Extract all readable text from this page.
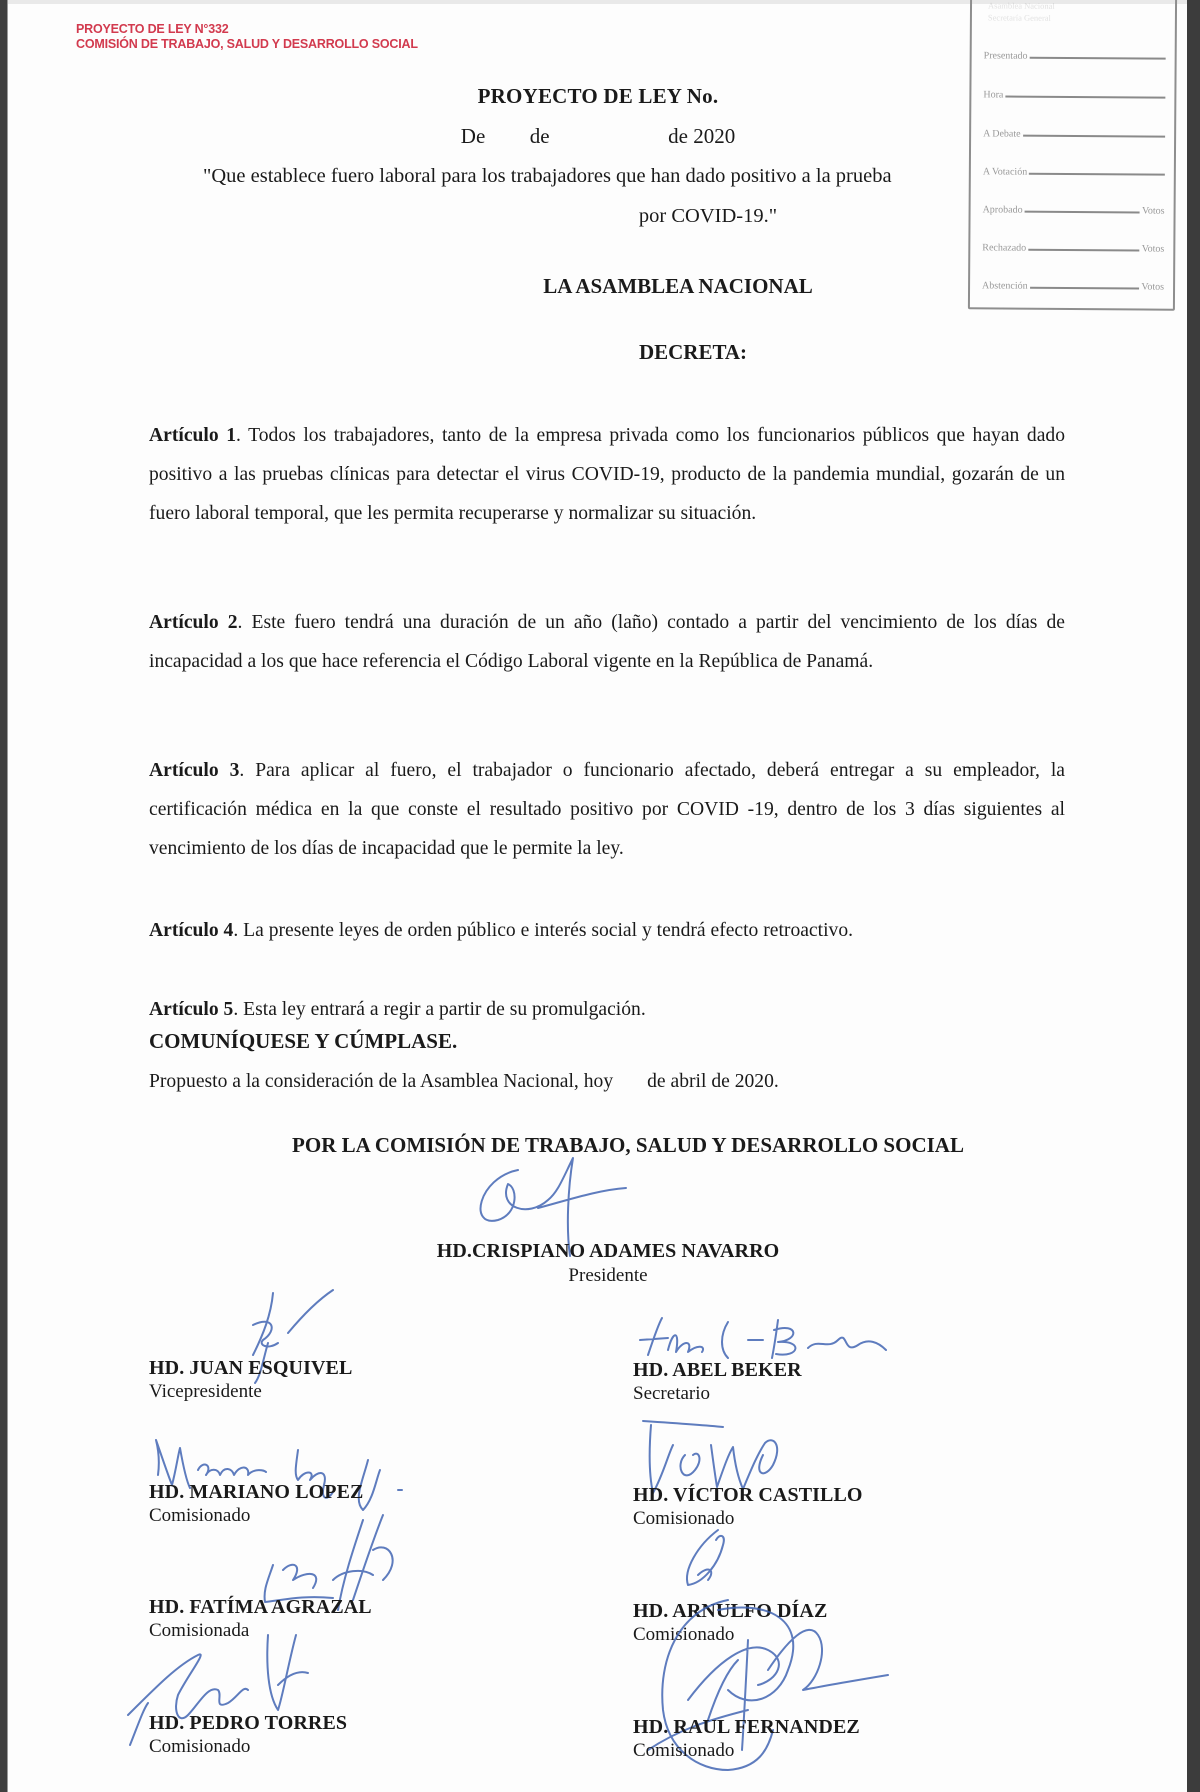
PROYECTO DE LEY N°332
COMISIÓN DE TRABAJO, SALUD Y DESARROLLO SOCIAL
Asamblea Nacional
Secretaría General
Presentado
Hora
A Debate
A Votación
Aprobado	Votos
Rechazado	Votos
Abstención	Votos
PROYECTO DE LEY No.
De de	de 2020
"Que establece fuero laboral para los trabajadores que han dado positivo a la prueba
por COVID-19."
LA ASAMBLEA NACIONAL
DECRETA:
Artículo 1. Todos los trabajadores, tanto de la empresa privada como los funcionarios públicos que hayan dado positivo a las pruebas clínicas para detectar el virus COVID-19, producto de la pandemia mundial, gozarán de un fuero laboral temporal, que les permita recuperarse y normalizar su situación.
Artículo 2. Este fuero tendrá una duración de un año (laño) contado a partir del vencimiento de los días de incapacidad a los que hace referencia el Código Laboral vigente en la República de Panamá.
Artículo 3. Para aplicar al fuero, el trabajador o funcionario afectado, deberá entregar a su empleador, la certificación médica en la que conste el resultado positivo por COVID -19, dentro de los 3 días siguientes al vencimiento de los días de incapacidad que le permite la ley.
Artículo 4. La presente leyes de orden público e interés social y tendrá efecto retroactivo.
Artículo 5. Esta ley entrará a regir a partir de su promulgación.
COMUNÍQUESE Y CÚMPLASE.
Propuesto a la consideración de la Asamblea Nacional, hoy de abril de 2020.
POR LA COMISIÓN DE TRABAJO, SALUD Y DESARROLLO SOCIAL
HD.CRISPIANO ADAMES NAVARRO
Presidente
HD. JUAN ESQUIVEL
Vicepresidente
HD. ABEL BEKER
Secretario
HD. MARIANO LOPEZ
Comisionado
HD. VÍCTOR CASTILLO
Comisionado
HD. FATÍMA AGRAZAL
Comisionada
HD. ARNULFO DÍAZ
Comisionado
HD. PEDRO TORRES
Comisionado
HD. RAUL FERNANDEZ
Comisionado
